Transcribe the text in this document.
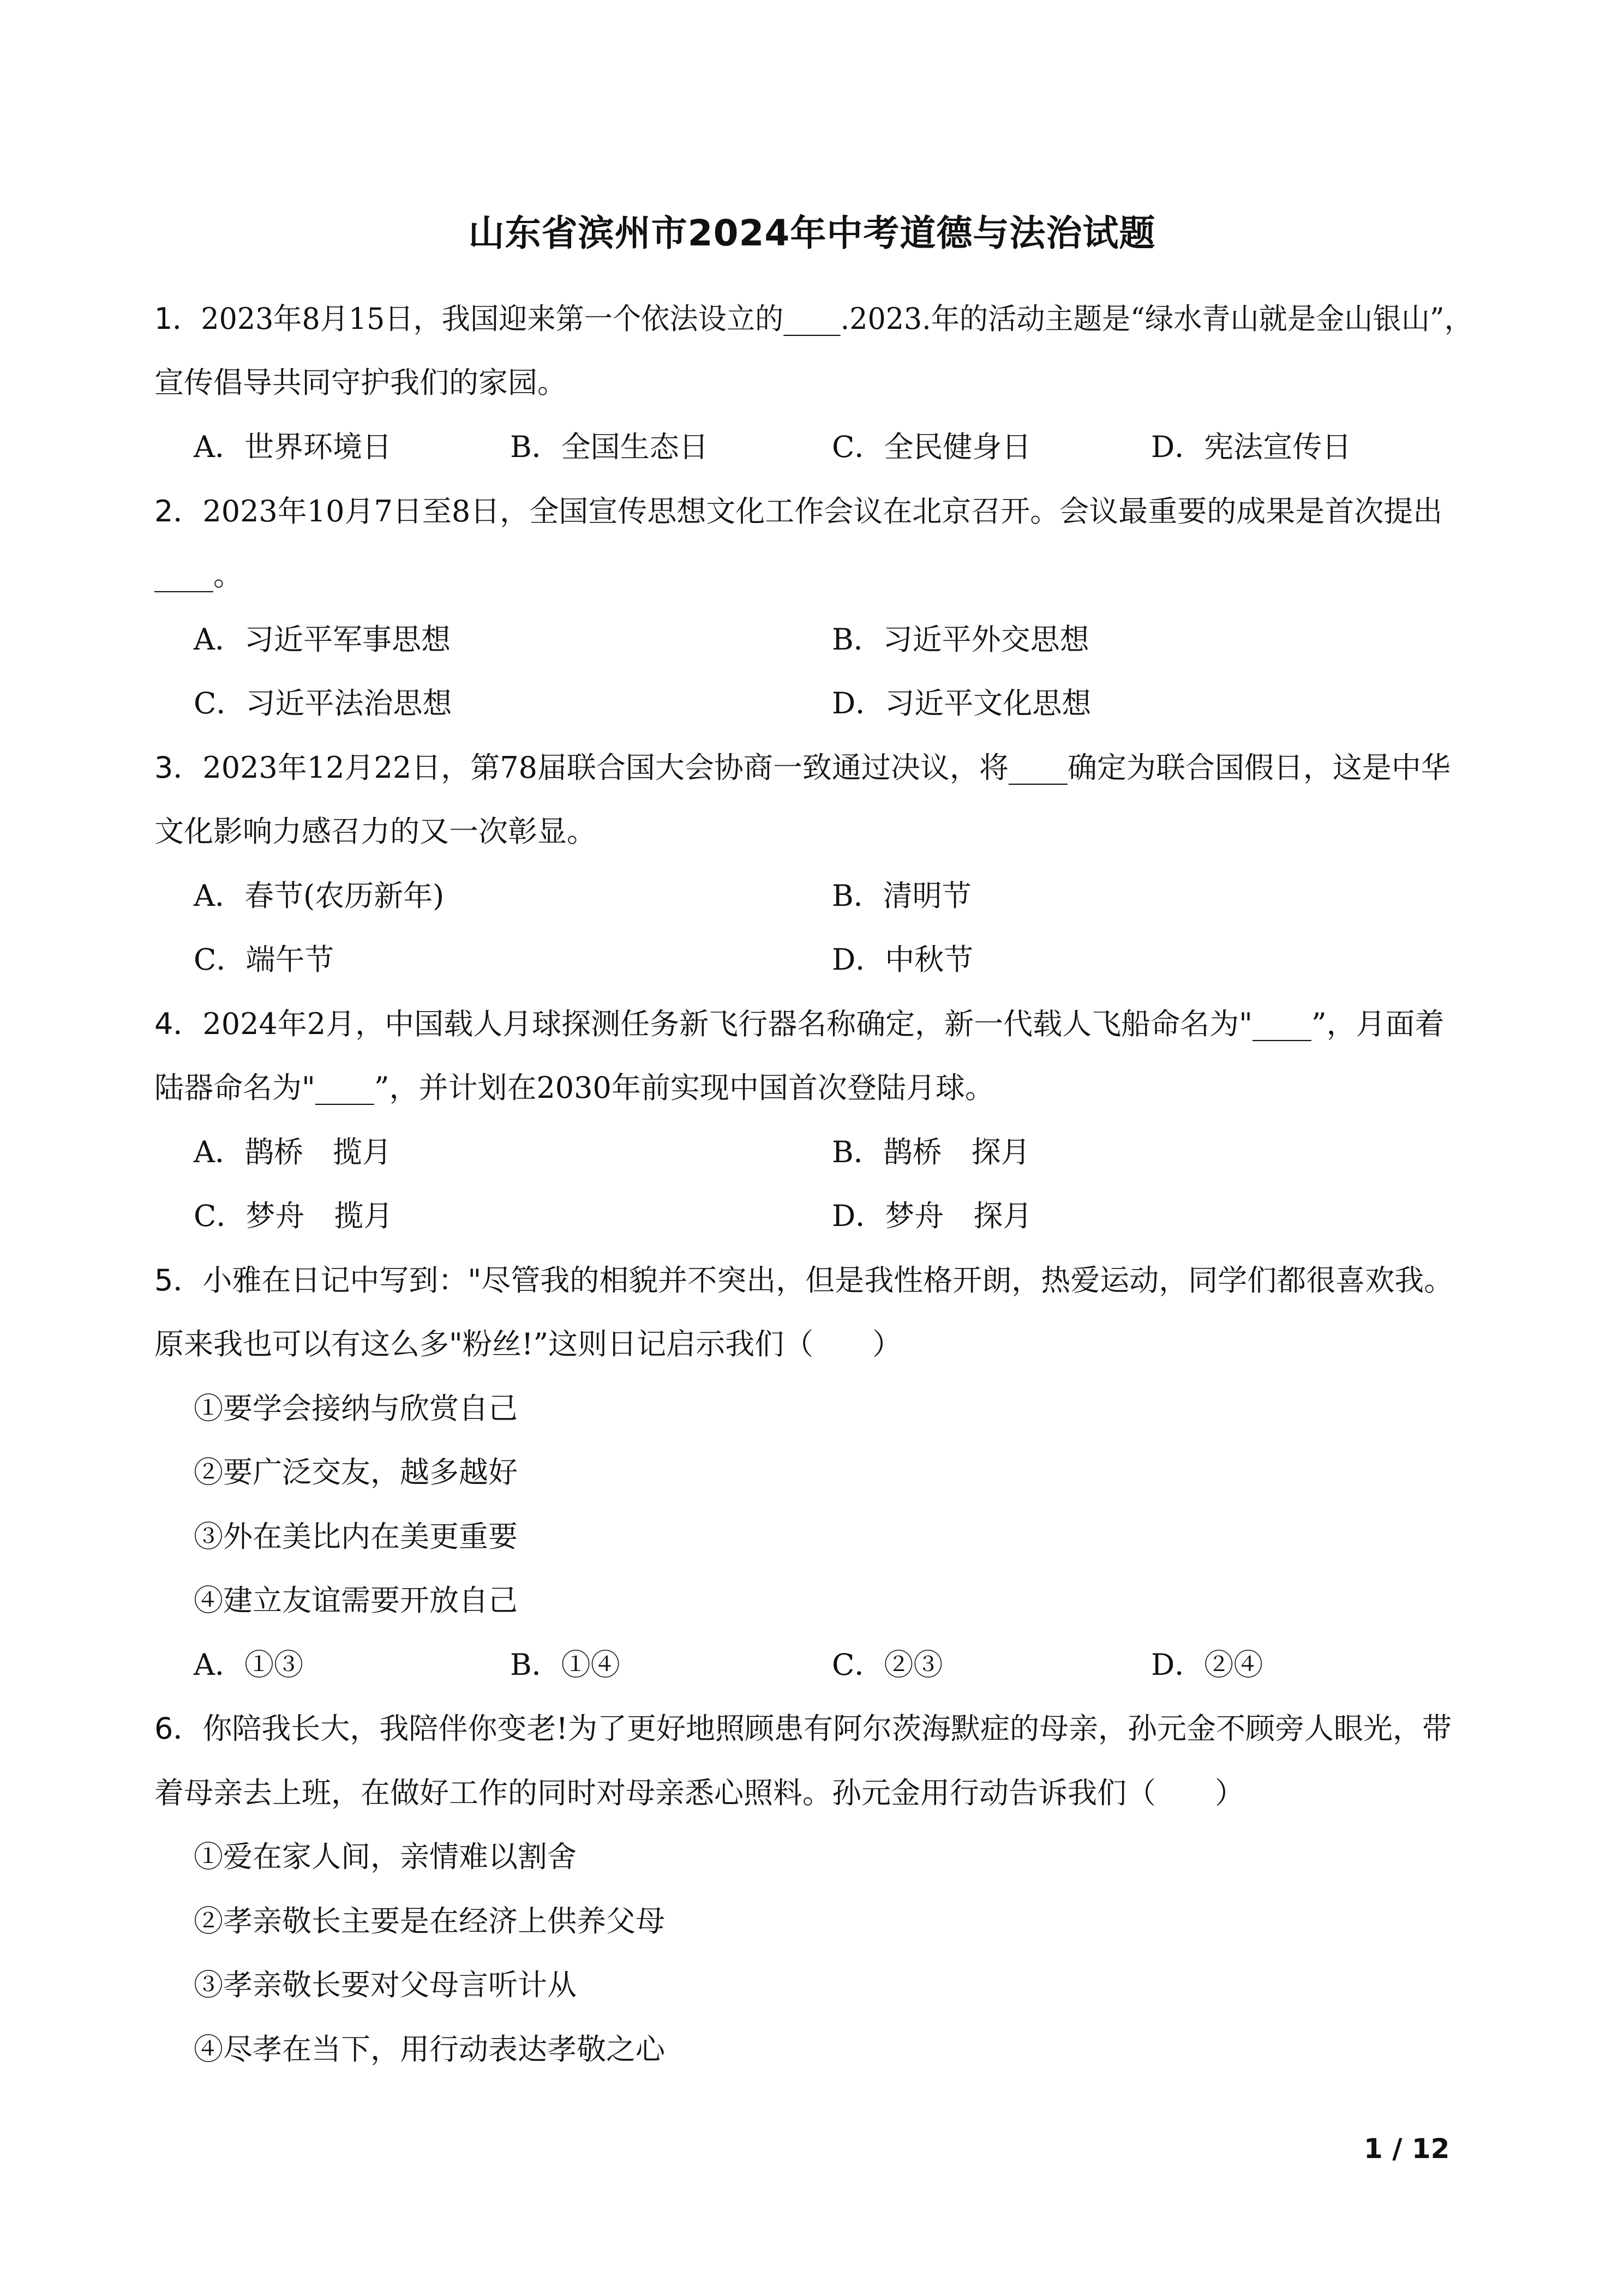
山东省滨州市2024年中考道德与法治试题
1．2023年8月15日，我国迎来第一个依法设立的____.2023.年的活动主题是“绿水青山就是金山银山”，
宣传倡导共同守护我们的家园。
A．世界环境日	B．全国生态日	C．全民健身日	D．宪法宣传日
2．2023年10月7日至8日，全国宣传思想文化工作会议在北京召开。会议最重要的成果是首次提出
____。
A．习近平军事思想	B．习近平外交思想
C．习近平法治思想	D．习近平文化思想
3．2023年12月22日，第78届联合国大会协商一致通过决议，将____确定为联合国假日，这是中华
文化影响力感召力的又一次彰显。
A．春节(农历新年)	B．清明节
C．端午节	D．中秋节
4．2024年2月，中国载人月球探测任务新飞行器名称确定，新一代载人飞船命名为"____”，月面着
陆器命名为"____”，并计划在2030年前实现中国首次登陆月球。
A．鹊桥　揽月	B．鹊桥　探月
C．梦舟　揽月	D．梦舟　探月
5．小雅在日记中写到："尽管我的相貌并不突出，但是我性格开朗，热爱运动，同学们都很喜欢我。
原来我也可以有这么多"粉丝!”这则日记启示我们（　　）
①要学会接纳与欣赏自己
②要广泛交友，越多越好
③外在美比内在美更重要
④建立友谊需要开放自己
A．①③	B．①④	C．②③	D．②④
6．你陪我长大，我陪伴你变老!为了更好地照顾患有阿尔茨海默症的母亲，孙元金不顾旁人眼光，带
着母亲去上班，在做好工作的同时对母亲悉心照料。孙元金用行动告诉我们（　　）
①爱在家人间，亲情难以割舍
②孝亲敬长主要是在经济上供养父母
③孝亲敬长要对父母言听计从
④尽孝在当下，用行动表达孝敬之心
1 / 12
